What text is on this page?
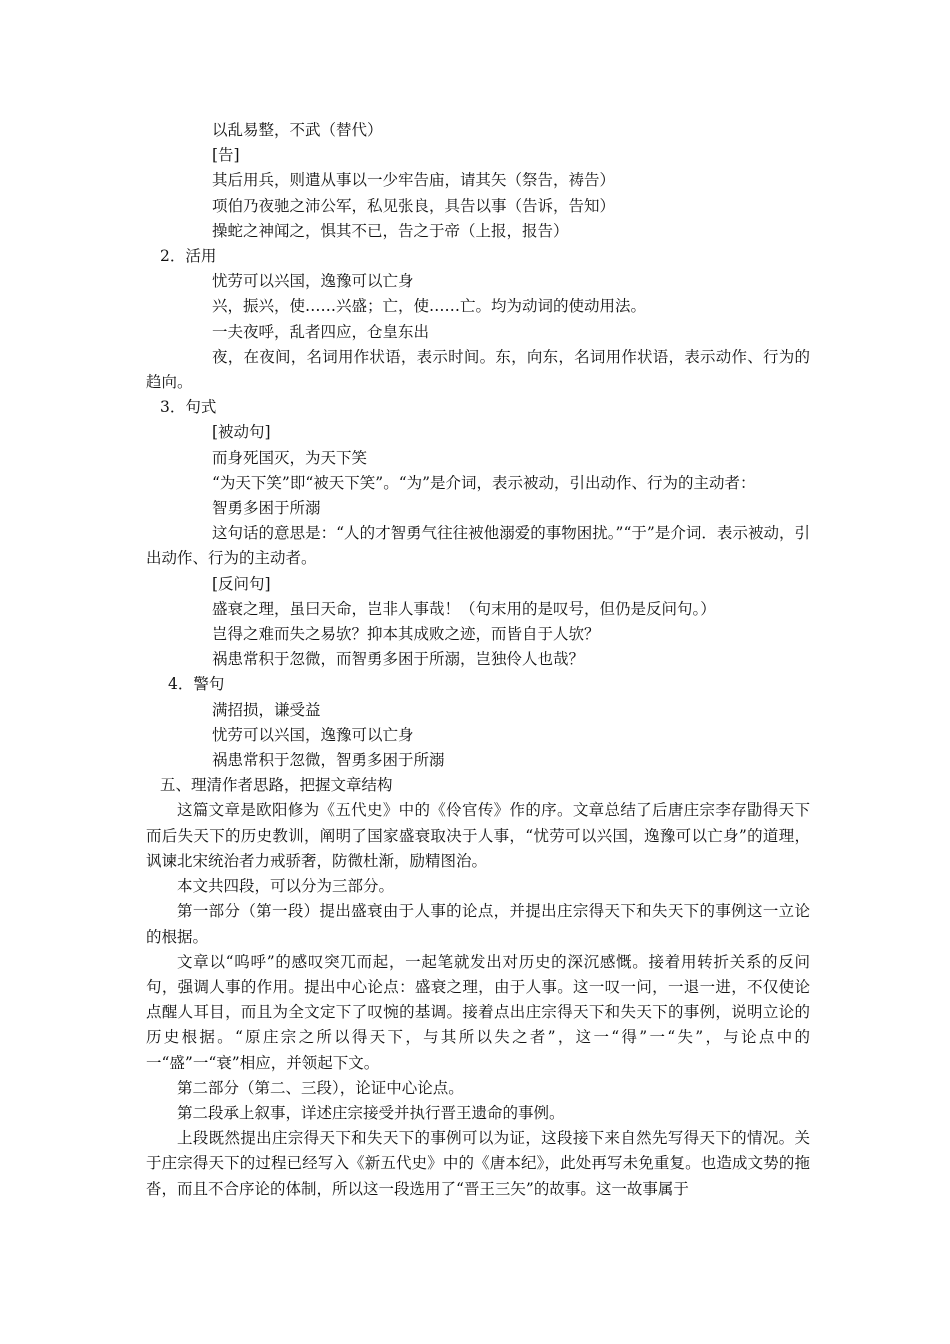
以乱易整，不武（替代）
[告]
其后用兵，则遣从事以一少牢告庙，请其矢（祭告，祷告）
项伯乃夜驰之沛公军，私见张良，具告以事（告诉，告知）
操蛇之神闻之，惧其不已，告之于帝（上报，报告）
2．活用
忧劳可以兴国，逸豫可以亡身
兴，振兴，使……兴盛；亡，使……亡。均为动词的使动用法。
一夫夜呼，乱者四应，仓皇东出
夜，在夜间，名词用作状语，表示时间。东，向东，名词用作状语，表示动作、行为的趋向。
3．句式
[被动句]
而身死国灭，为天下笑
“为天下笑”即“被天下笑”。“为”是介词，表示被动，引出动作、行为的主动者：
智勇多困于所溺
这句话的意思是：“人的才智勇气往往被他溺爱的事物困扰。”“于”是介词．表示被动，引出动作、行为的主动者。
[反问句]
盛衰之理，虽曰天命，岂非人事哉！（句末用的是叹号，但仍是反问句。）
岂得之难而失之易欤？抑本其成败之迹，而皆自于人欤？
祸患常积于忽微，而智勇多困于所溺，岂独伶人也哉？
4．警句
满招损，谦受益
忧劳可以兴国，逸豫可以亡身
祸患常积于忽微，智勇多困于所溺
五、理清作者思路，把握文章结构
这篇文章是欧阳修为《五代史》中的《伶官传》作的序。文章总结了后唐庄宗李存勖得天下而后失天下的历史教训，阐明了国家盛衰取决于人事，“忧劳可以兴国，逸豫可以亡身”的道理，讽谏北宋统治者力戒骄奢，防微杜渐，励精图治。
本文共四段，可以分为三部分。
第一部分（第一段）提出盛衰由于人事的论点，并提出庄宗得天下和失天下的事例这一立论的根据。
文章以“呜呼”的感叹突兀而起，一起笔就发出对历史的深沉感慨。接着用转折关系的反问句，强调人事的作用。提出中心论点：盛衰之理，由于人事。这一叹一问，一退一进，不仅使论点醒人耳目，而且为全文定下了叹惋的基调。接着点出庄宗得天下和失天下的事例，说明立论的历史根据。“原庄宗之所以得天下，与其所以失之者”，这一“得”一“失”，与论点中的一“盛”一“衰”相应，并领起下文。
第二部分（第二、三段），论证中心论点。
第二段承上叙事，详述庄宗接受并执行晋王遗命的事例。
上段既然提出庄宗得天下和失天下的事例可以为证，这段接下来自然先写得天下的情况。关于庄宗得天下的过程已经写入《新五代史》中的《唐本纪》，此处再写未免重复。也造成文势的拖沓，而且不合序论的体制，所以这一段选用了“晋王三矢”的故事。这一故事属于
